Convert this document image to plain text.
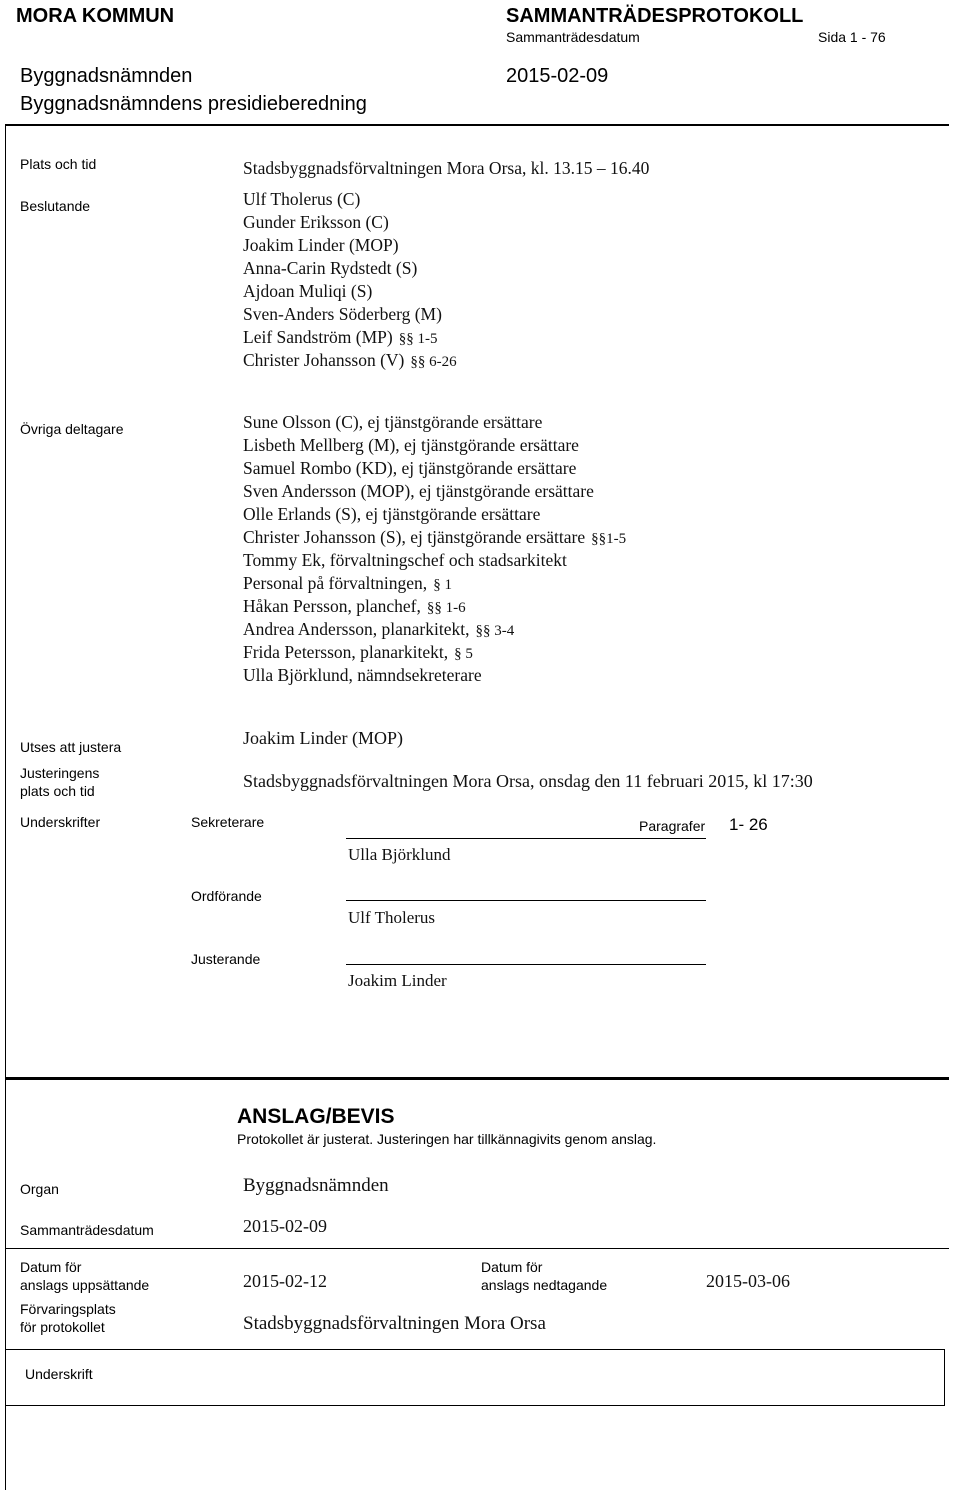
MORA KOMMUN	SAMMANTRÄDESPROTOKOLL
Sammanträdesdatum	Sida 1 - 76
Byggnadsnämnden	2015-02-09
Byggnadsnämndens presidieberedning
Plats och tid	Stadsbyggnadsförvaltningen Mora Orsa, kl. 13.15 – 16.40
Beslutande	Ulf Tholerus (C)
Gunder Eriksson (C)
Joakim Linder (MOP)
Anna-Carin Rydstedt (S)
Ajdoan Muliqi (S)
Sven-Anders Söderberg (M)
Leif Sandström (MP) §§ 1-5
Christer Johansson (V) §§ 6-26
Övriga deltagare	Sune Olsson (C), ej tjänstgörande ersättare
Lisbeth Mellberg (M), ej tjänstgörande ersättare
Samuel Rombo (KD), ej tjänstgörande ersättare
Sven Andersson (MOP), ej tjänstgörande ersättare
Olle Erlands (S), ej tjänstgörande ersättare
Christer Johansson (S), ej tjänstgörande ersättare §§1-5
Tommy Ek, förvaltningschef och stadsarkitekt
Personal på förvaltningen, § 1
Håkan Persson, planchef, §§ 1-6
Andrea Andersson, planarkitekt, §§ 3-4
Frida Petersson, planarkitekt, § 5
Ulla Björklund, nämndsekreterare
Utses att justera	Joakim Linder (MOP)
Justeringens
plats och tid	Stadsbyggnadsförvaltningen Mora Orsa, onsdag den 11 februari 2015, kl 17:30
Underskrifter	Sekreterare	Paragrafer 1- 26
Ulla Björklund
Ordförande
Ulf Tholerus
Justerande
Joakim Linder
ANSLAG/BEVIS
Protokollet är justerat. Justeringen har tillkännagivits genom anslag.
Organ	Byggnadsnämnden
Sammanträdesdatum	2015-02-09
Datum för
anslags uppsättande	2015-02-12
Datum för
anslags nedtagande	2015-03-06
Förvaringsplats
för protokollet	Stadsbyggnadsförvaltningen Mora Orsa
Underskrift
